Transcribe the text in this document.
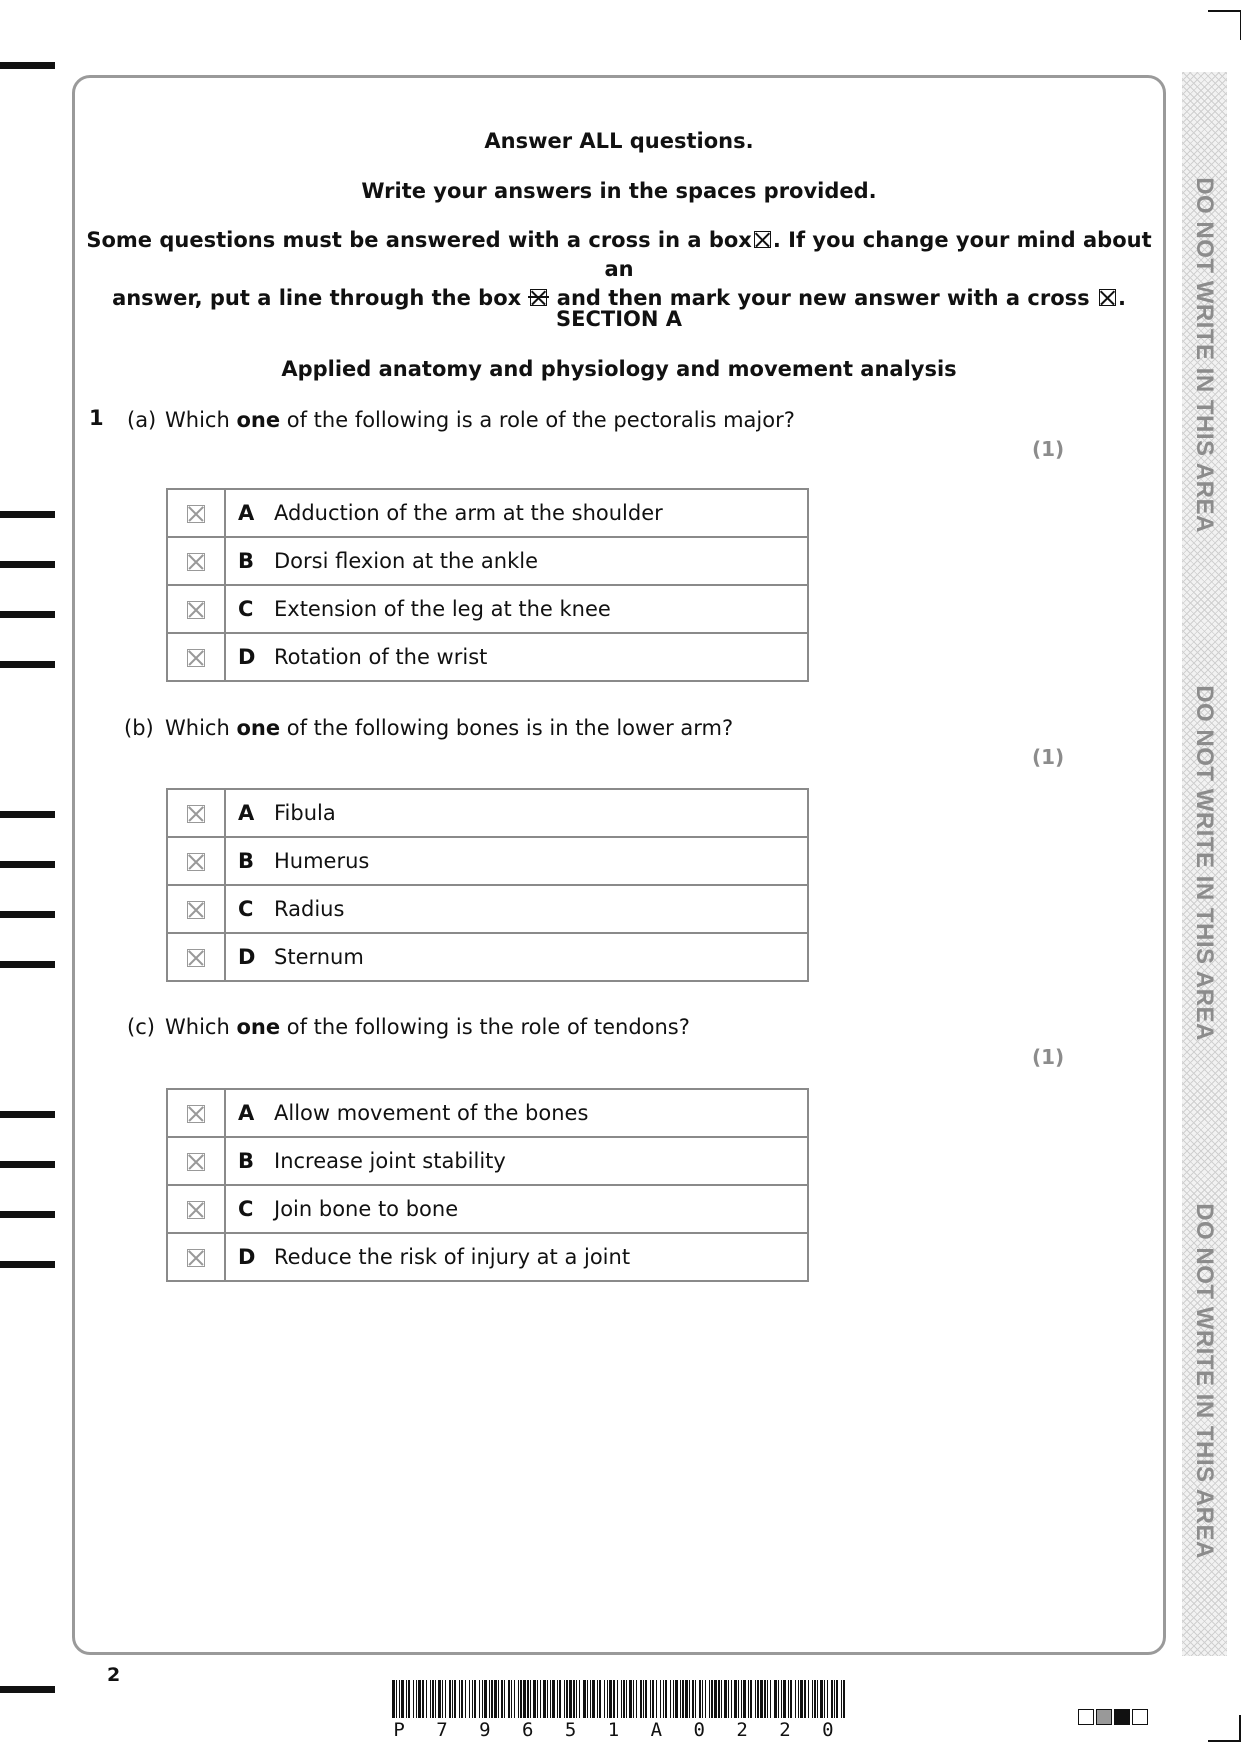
Answer ALL questions.
Write your answers in the spaces provided.
Some questions must be answered with a cross in a box ☒ . If you change your mind about an
answer, put a line through the box and then mark your new answer with a cross ☒ .
SECTION A
Applied anatomy and physiology and movement analysis
1 (a) Which one of the following is a role of the pectoralis major?
(1)
	A Adduction of the arm at the shoulder
	B Dorsi flexion at the ankle
	C Extension of the leg at the knee
	D Rotation of the wrist
(b) Which one of the following bones is in the lower arm?
(1)
	A Fibula
	B Humerus
	C Radius
	D Sternum
(c) Which one of the following is the role of tendons?
(1)
	A Allow movement of the bones
	B Increase joint stability
	C Join bone to bone
	D Reduce the risk of injury at a joint
DO NOT WRITE IN THIS AREA
DO NOT WRITE IN THIS AREA
DO NOT WRITE IN THIS AREA
2
P 7 9 6 5 1 A 0 2 2 0
